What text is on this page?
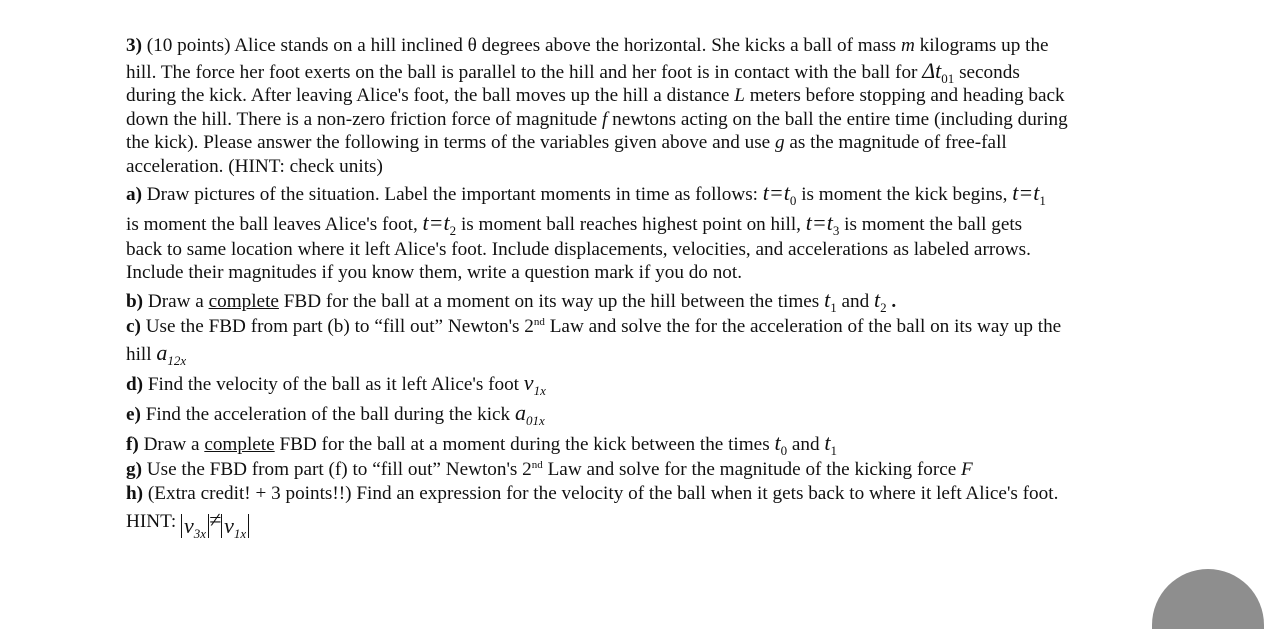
3) (10 points) Alice stands on a hill inclined θ degrees above the horizontal. She kicks a ball of mass m kilograms up the
hill. The force her foot exerts on the ball is parallel to the hill and her foot is in contact with the ball for $\Delta t_{01}$ seconds
during the kick. After leaving Alice's foot, the ball moves up the hill a distance L meters before stopping and heading back
down the hill. There is a non-zero friction force of magnitude f newtons acting on the ball the entire time (including during
the kick). Please answer the following in terms of the variables given above and use g as the magnitude of free-fall
acceleration. (HINT: check units)
a) Draw pictures of the situation. Label the important moments in time as follows: $t=t_0$ is moment the kick begins, $t=t_1$
is moment the ball leaves Alice's foot, $t=t_2$ is moment ball reaches highest point on hill, $t=t_3$ is moment the ball gets
back to same location where it left Alice's foot. Include displacements, velocities, and accelerations as labeled arrows.
Include their magnitudes if you know them, write a question mark if you do not.
b) Draw a complete FBD for the ball at a moment on its way up the hill between the times $t_1$ and $t_2$ .
c) Use the FBD from part (b) to “fill out” Newton's 2nd Law and solve the for the acceleration of the ball on its way up the
hill $a_{12x}$
d) Find the velocity of the ball as it left Alice's foot $v_{1x}$
e) Find the acceleration of the ball during the kick $a_{01x}$
f) Draw a complete FBD for the ball at a moment during the kick between the times $t_0$ and $t_1$
g) Use the FBD from part (f) to “fill out” Newton's 2nd Law and solve for the magnitude of the kicking force F
h) (Extra credit! + 3 points!!) Find an expression for the velocity of the ball when it gets back to where it left Alice's foot.
HINT: $v_{3x}\ne v_{1x}$
